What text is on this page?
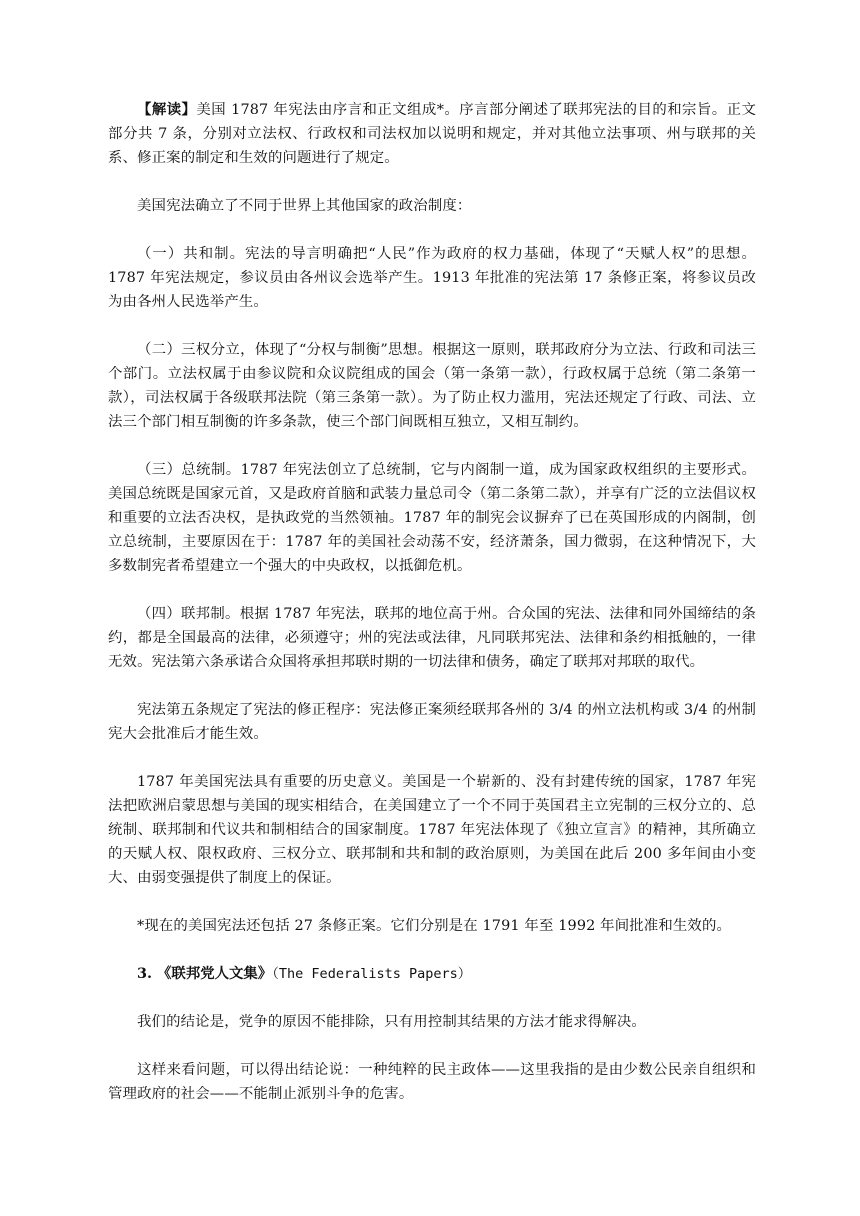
【解读】美国 1787 年宪法由序言和正文组成*。序言部分阐述了联邦宪法的目的和宗旨。正文部分共 7 条，分别对立法权、行政权和司法权加以说明和规定，并对其他立法事项、州与联邦的关系、修正案的制定和生效的问题进行了规定。

美国宪法确立了不同于世界上其他国家的政治制度：

（一）共和制。宪法的导言明确把“人民”作为政府的权力基础，体现了“天赋人权”的思想。1787 年宪法规定，参议员由各州议会选举产生。1913 年批准的宪法第 17 条修正案，将参议员改为由各州人民选举产生。

（二）三权分立，体现了“分权与制衡”思想。根据这一原则，联邦政府分为立法、行政和司法三个部门。立法权属于由参议院和众议院组成的国会（第一条第一款），行政权属于总统（第二条第一款），司法权属于各级联邦法院（第三条第一款）。为了防止权力滥用，宪法还规定了行政、司法、立法三个部门相互制衡的许多条款，使三个部门间既相互独立，又相互制约。

（三）总统制。1787 年宪法创立了总统制，它与内阁制一道，成为国家政权组织的主要形式。美国总统既是国家元首，又是政府首脑和武装力量总司令（第二条第二款），并享有广泛的立法倡议权和重要的立法否决权，是执政党的当然领袖。1787 年的制宪会议摒弃了已在英国形成的内阁制，创立总统制，主要原因在于：1787 年的美国社会动荡不安，经济萧条，国力微弱，在这种情况下，大多数制宪者希望建立一个强大的中央政权，以抵御危机。

（四）联邦制。根据 1787 年宪法，联邦的地位高于州。合众国的宪法、法律和同外国缔结的条约，都是全国最高的法律，必须遵守；州的宪法或法律，凡同联邦宪法、法律和条约相抵触的，一律无效。宪法第六条承诺合众国将承担邦联时期的一切法律和债务，确定了联邦对邦联的取代。

宪法第五条规定了宪法的修正程序：宪法修正案须经联邦各州的 3/4 的州立法机构或 3/4 的州制宪大会批准后才能生效。

1787 年美国宪法具有重要的历史意义。美国是一个崭新的、没有封建传统的国家，1787 年宪法把欧洲启蒙思想与美国的现实相结合，在美国建立了一个不同于英国君主立宪制的三权分立的、总统制、联邦制和代议共和制相结合的国家制度。1787 年宪法体现了《独立宣言》的精神，其所确立的天赋人权、限权政府、三权分立、联邦制和共和制的政治原则，为美国在此后 200 多年间由小变大、由弱变强提供了制度上的保证。

*现在的美国宪法还包括 27 条修正案。它们分别是在 1791 年至 1992 年间批准和生效的。

3. 《联邦党人文集》（The Federalists Papers）

我们的结论是，党争的原因不能排除，只有用控制其结果的方法才能求得解决。

这样来看问题，可以得出结论说：一种纯粹的民主政体——这里我指的是由少数公民亲自组织和管理政府的社会——不能制止派别斗争的危害。
